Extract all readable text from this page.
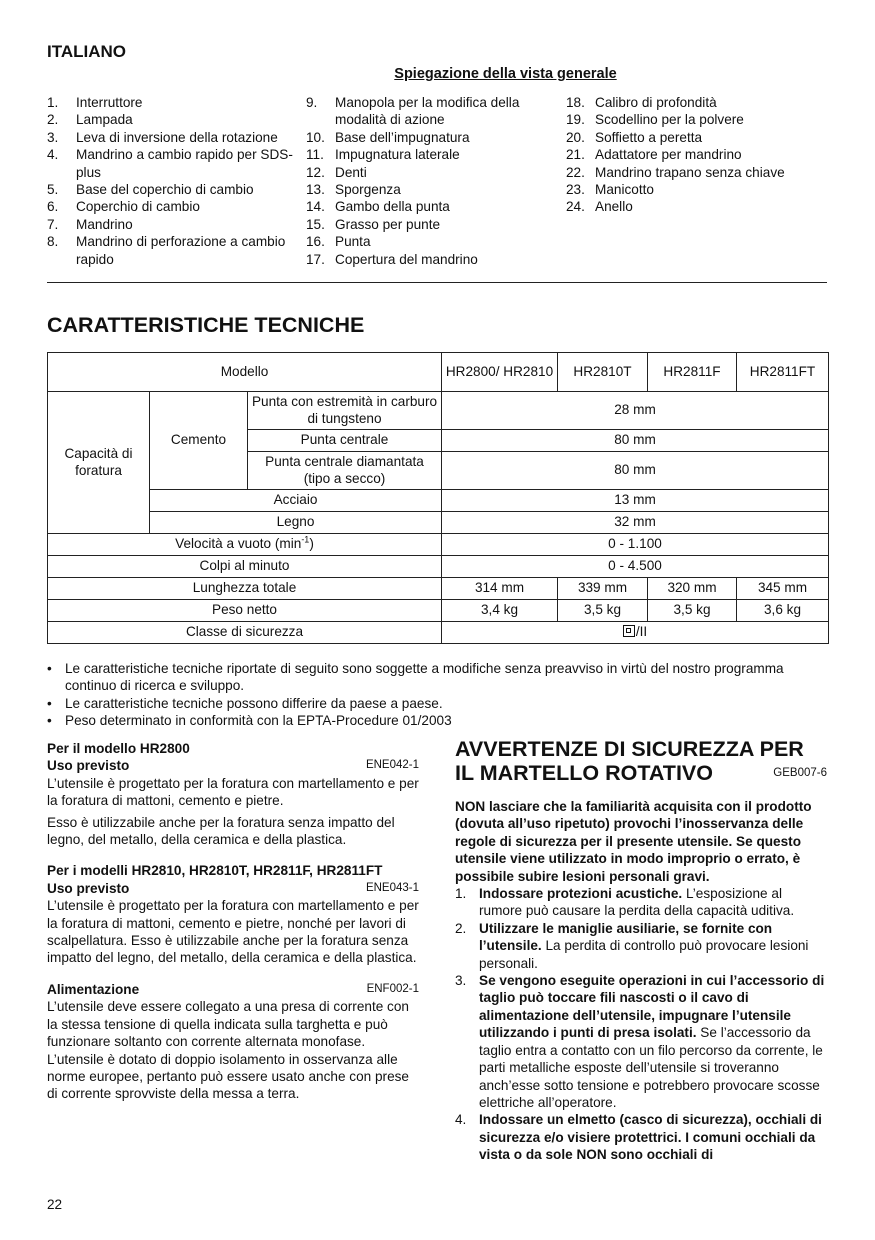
ITALIANO
Spiegazione della vista generale
1.	Interruttore
2.	Lampada
3.	Leva di inversione della rotazione
4.	Mandrino a cambio rapido per SDS-plus
5.	Base del coperchio di cambio
6.	Coperchio di cambio
7.	Mandrino
8.	Mandrino di perforazione a cambio rapido
9.	Manopola per la modifica della modalità di azione
10. Base dell’impugnatura
11. Impugnatura laterale
12. Denti
13. Sporgenza
14. Gambo della punta
15. Grasso per punte
16. Punta
17. Copertura del mandrino
18. Calibro di profondità
19. Scodellino per la polvere
20. Soffietto a peretta
21. Adattatore per mandrino
22. Mandrino trapano senza chiave
23. Manicotto
24. Anello
CARATTERISTICHE TECNICHE
Modello			HR2800/ HR2810	HR2810T	HR2811F	HR2811FT
Capacità di foratura	Cemento	Punta con estremità in carburo di tungsteno	28 mm			
		Punta centrale	80 mm			
		Punta centrale diamantata (tipo a secco)	80 mm			
	Acciaio		13 mm			
	Legno		32 mm			
Velocità a vuoto $(\min^{-1})$			0 - 1.100			
Colpi al minuto			0 - 4.500			
Lunghezza totale			314 mm	339 mm	320 mm	345 mm
Peso netto			3,4 kg	3,5 kg	3,5 kg	3,6 kg
Classe di sicurezza			/II			
• Le caratteristiche tecniche riportate di seguito sono soggette a modifiche senza preavviso in virtù del nostro programma continuo di ricerca e sviluppo.
• Le caratteristiche tecniche possono differire da paese a paese.
• Peso determinato in conformità con la EPTA-Procedure 01/2003
Per il modello HR2800
Uso previsto	ENE042-1

L’utensile è progettato per la foratura con martellamento e per la foratura di mattoni, cemento e pietre.

Esso è utilizzabile anche per la foratura senza impatto del legno, del metallo, della ceramica e della plastica.

Per i modelli HR2810, HR2810T, HR2811F, HR2811FT
Uso previsto	ENE043-1

L’utensile è progettato per la foratura con martellamento e per la foratura di mattoni, cemento e pietre, nonché per lavori di scalpellatura. Esso è utilizzabile anche per la foratura senza impatto del legno, del metallo, della ceramica e della plastica.

Alimentazione	ENF002-1

L’utensile deve essere collegato a una presa di corrente con la stessa tensione di quella indicata sulla targhetta e può funzionare soltanto con corrente alternata monofase. L’utensile è dotato di doppio isolamento in osservanza alle norme europee, pertanto può essere usato anche con prese di corrente sprovviste della messa a terra.

AVVERTENZE DI SICUREZZA PER
IL MARTELLO ROTATIVO	GEB007-6
NON lasciare che la familiarità acquisita con il prodotto (dovuta all’uso ripetuto) provochi l’inosservanza delle regole di sicurezza per il presente utensile. Se questo utensile viene utilizzato in modo improprio o errato, è possibile subire lesioni personali gravi.
1. Indossare protezioni acustiche. L’esposizione al rumore può causare la perdita della capacità uditiva.
2. Utilizzare le maniglie ausiliarie, se fornite con l’utensile. La perdita di controllo può provocare lesioni personali.
3. Se vengono eseguite operazioni in cui l’accessorio di taglio può toccare fili nascosti o il cavo di alimentazione dell’utensile, impugnare l’utensile utilizzando i punti di presa isolati. Se l’accessorio da taglio entra a contatto con un filo percorso da corrente, le parti metalliche esposte dell’utensile si troveranno anch’esse sotto tensione e potrebbero provocare scosse elettriche all’operatore.
4. Indossare un elmetto (casco di sicurezza), occhiali di sicurezza e/o visiere protettrici. I comuni occhiali da vista o da sole NON sono occhiali di
22
